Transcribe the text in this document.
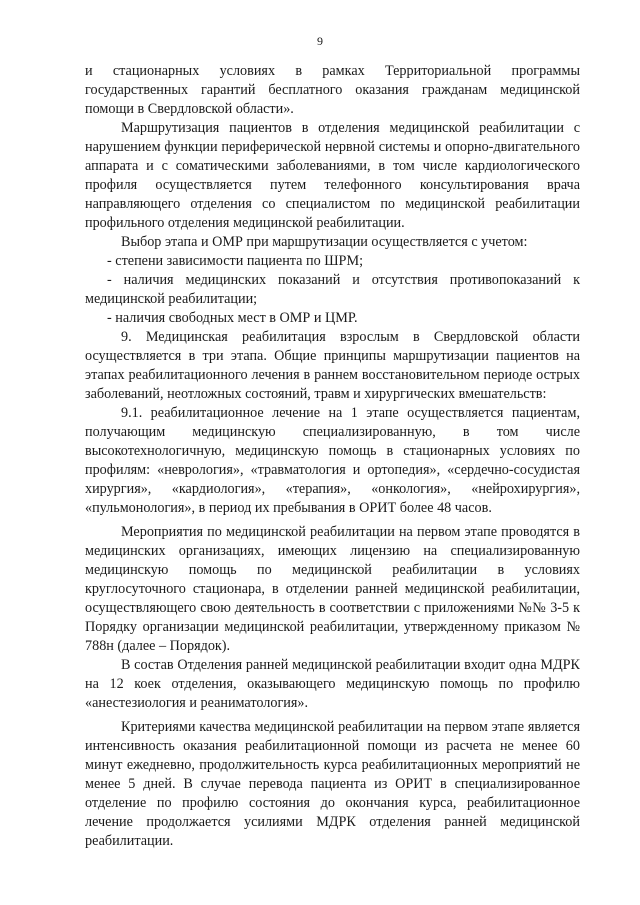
9

и стационарных условиях в рамках Территориальной программы государственных гарантий бесплатного оказания гражданам медицинской помощи в Свердловской области».

Маршрутизация пациентов в отделения медицинской реабилитации с нарушением функции периферической нервной системы и опорно-двигательного аппарата и с соматическими заболеваниями, в том числе кардиологического профиля осуществляется путем телефонного консультирования врача направляющего отделения со специалистом по медицинской реабилитации профильного отделения медицинской реабилитации.

Выбор этапа и ОМР при маршрутизации осуществляется с учетом:

- степени зависимости пациента по ШРМ;

- наличия медицинских показаний и отсутствия противопоказаний к медицинской реабилитации;

- наличия свободных мест в ОМР и ЦМР.

9. Медицинская реабилитация взрослым в Свердловской области осуществляется в три этапа. Общие принципы маршрутизации пациентов на этапах реабилитационного лечения в раннем восстановительном периоде острых заболеваний, неотложных состояний, травм и хирургических вмешательств:

9.1. реабилитационное лечение на 1 этапе осуществляется пациентам, получающим медицинскую специализированную, в том числе высокотехнологичную, медицинскую помощь в стационарных условиях по профилям: «неврология», «травматология и ортопедия», «сердечно-сосудистая хирургия», «кардиология», «терапия», «онкология», «нейрохирургия», «пульмонология», в период их пребывания в ОРИТ более 48 часов.

Мероприятия по медицинской реабилитации на первом этапе проводятся в медицинских организациях, имеющих лицензию на специализированную медицинскую помощь по медицинской реабилитации в условиях круглосуточного стационара, в отделении ранней медицинской реабилитации, осуществляющего свою деятельность в соответствии с приложениями №№ 3-5 к Порядку организации медицинской реабилитации, утвержденному приказом № 788н (далее – Порядок).

В состав Отделения ранней медицинской реабилитации входит одна МДРК на 12 коек отделения, оказывающего медицинскую помощь по профилю «анестезиология и реаниматология».

Критериями качества медицинской реабилитации на первом этапе является интенсивность оказания реабилитационной помощи из расчета не менее 60 минут ежедневно, продолжительность курса реабилитационных мероприятий не менее 5 дней. В случае перевода пациента из ОРИТ в специализированное отделение по профилю состояния до окончания курса, реабилитационное лечение продолжается усилиями МДРК отделения ранней медицинской реабилитации.
